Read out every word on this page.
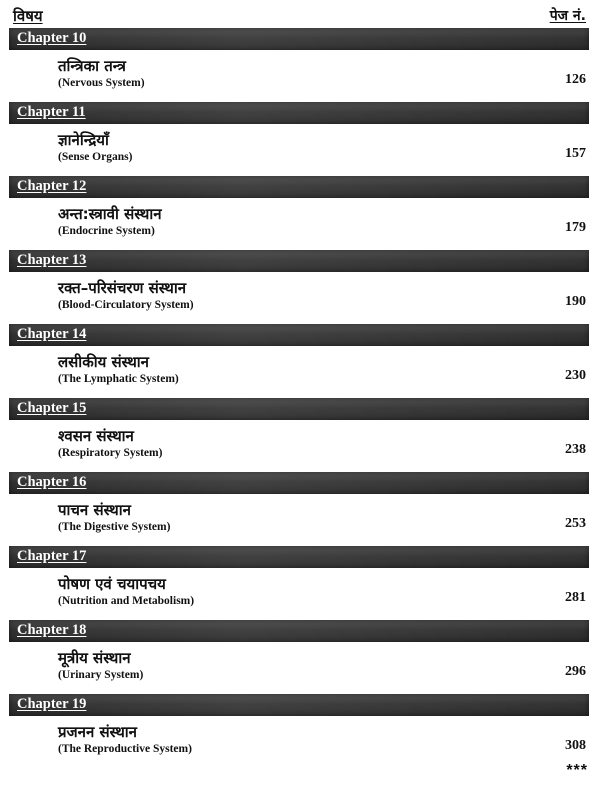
विषय	पेज नं.
Chapter 10
तन्त्रिका तन्त्र
(Nervous System)	126
Chapter 11
ज्ञानेन्द्रियाँ
(Sense Organs)	157
Chapter 12
अन्त:स्त्रावी संस्थान
(Endocrine System)	179
Chapter 13
रक्त–परिसंचरण संस्थान
(Blood-Circulatory System)	190
Chapter 14
लसीकीय संस्थान
(The Lymphatic System)	230
Chapter 15
श्वसन संस्थान
(Respiratory System)	238
Chapter 16
पाचन संस्थान
(The Digestive System)	253
Chapter 17
पोषण एवं चयापचय
(Nutrition and Metabolism)	281
Chapter 18
मूत्रीय संस्थान
(Urinary System)	296
Chapter 19
प्रजनन संस्थान
(The Reproductive System)	308
***
